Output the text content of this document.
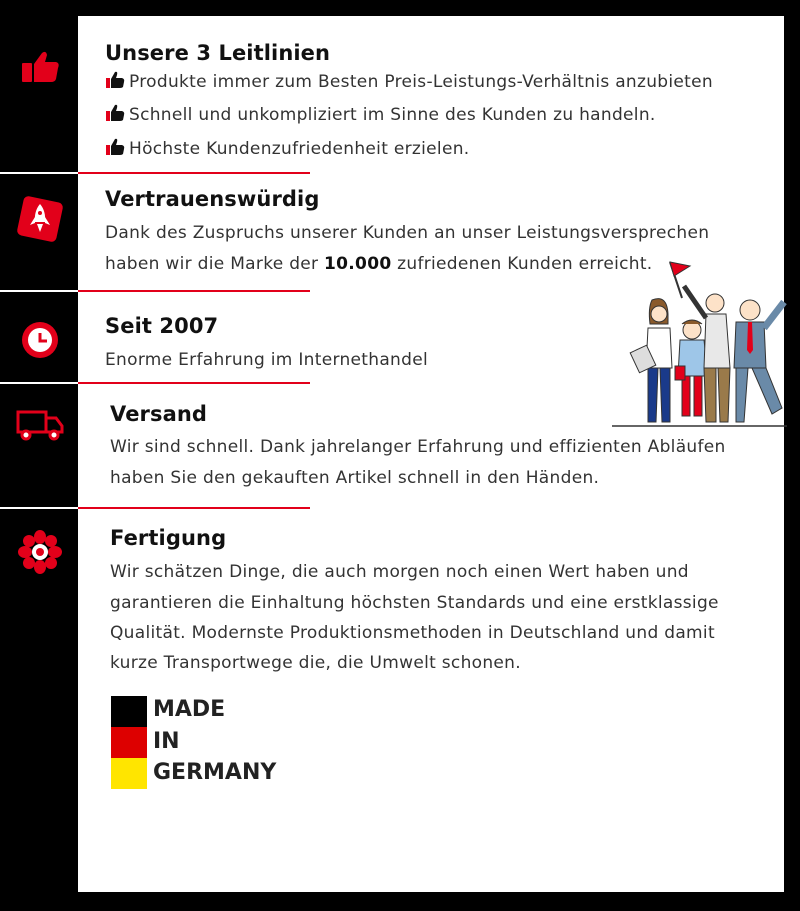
Unsere 3 Leitlinien
Produkte immer zum Besten Preis-Leistungs-Verhältnis anzubieten
Schnell und unkompliziert im Sinne des Kunden zu handeln.
Höchste Kundenzufriedenheit erzielen.
Vertrauenswürdig
Dank des Zuspruchs unserer Kunden an unser Leistungsversprechen
haben wir die Marke der 10.000 zufriedenen Kunden erreicht.
Seit 2007
Enorme Erfahrung im Internethandel
Versand
Wir sind schnell. Dank jahrelanger Erfahrung und effizienten Abläufen
haben Sie den gekauften Artikel schnell in den Händen.
Fertigung
Wir schätzen Dinge, die auch morgen noch einen Wert haben und
garantieren die Einhaltung höchsten Standards und eine erstklassige
Qualität. Modernste Produktionsmethoden in Deutschland und damit
kurze Transportwege die, die Umwelt schonen.
MADE
IN
GERMANY
